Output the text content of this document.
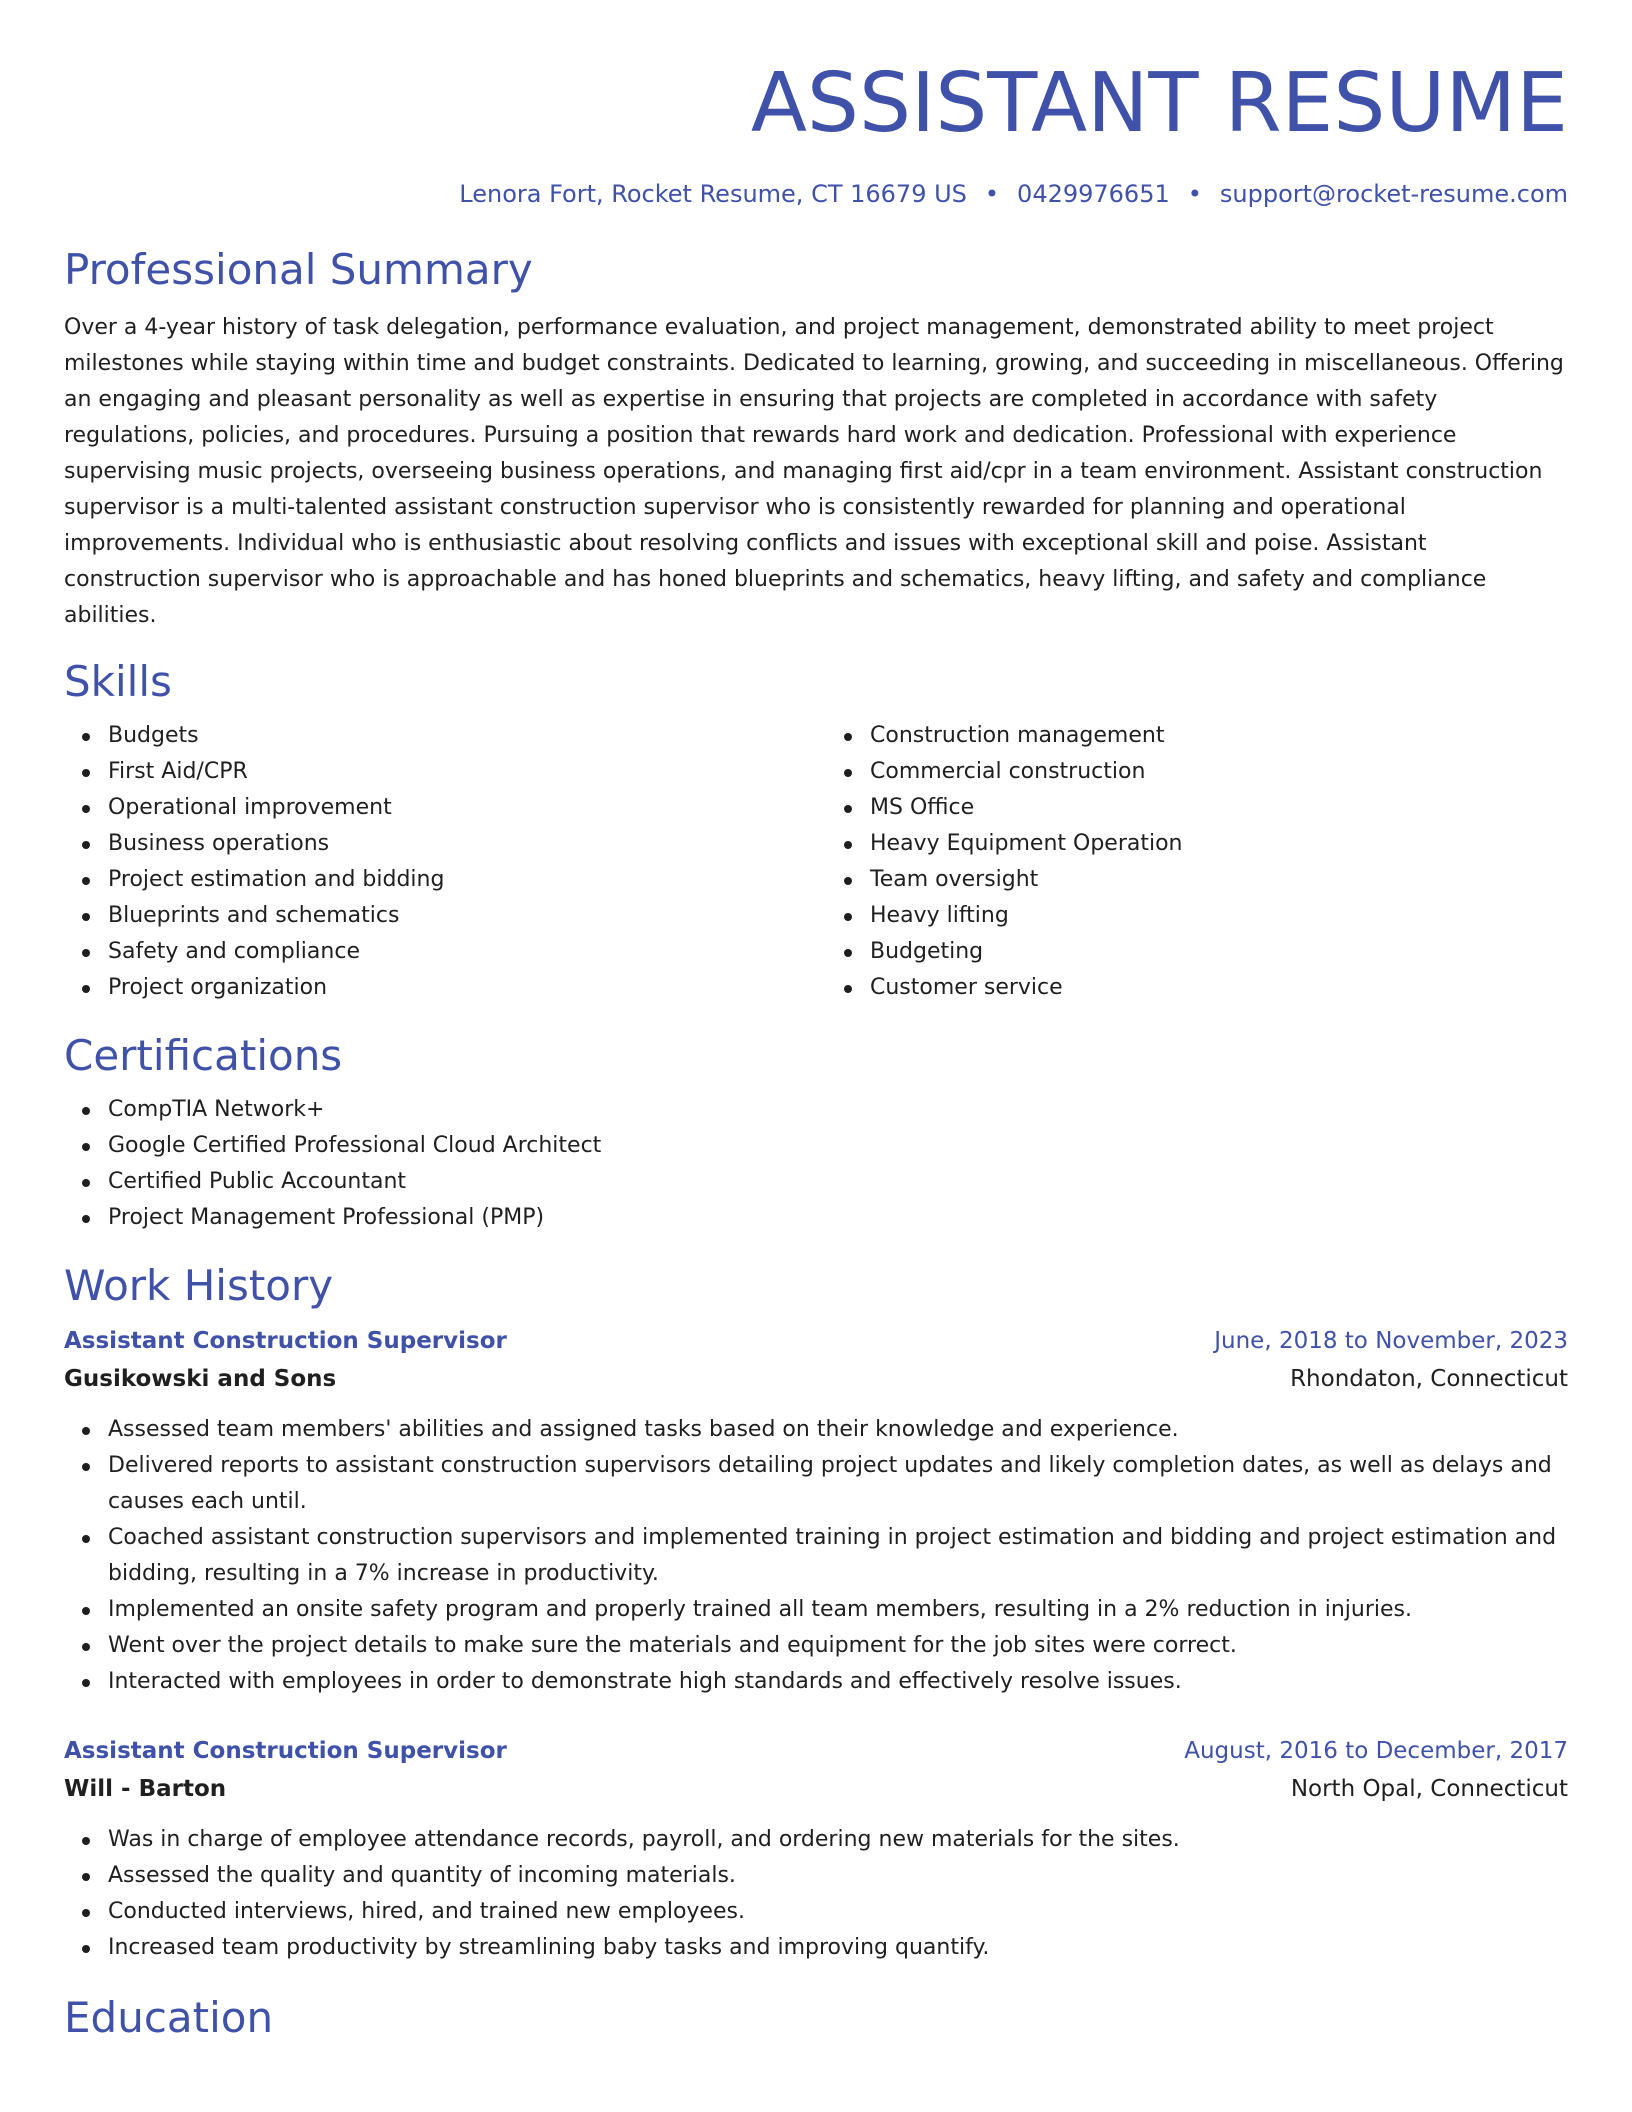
ASSISTANT RESUME
Lenora Fort, Rocket Resume, CT 16679 US • 0429976651 • support@rocket-resume.com
Professional Summary

Over a 4-year history of task delegation, performance evaluation, and project management, demonstrated ability to meet project milestones while staying within time and budget constraints. Dedicated to learning, growing, and succeeding in miscellaneous. Offering an engaging and pleasant personality as well as expertise in ensuring that projects are completed in accordance with safety regulations, policies, and procedures. Pursuing a position that rewards hard work and dedication. Professional with experience supervising music projects, overseeing business operations, and managing first aid/cpr in a team environment. Assistant construction supervisor is a multi-talented assistant construction supervisor who is consistently rewarded for planning and operational improvements. Individual who is enthusiastic about resolving conflicts and issues with exceptional skill and poise. Assistant construction supervisor who is approachable and has honed blueprints and schematics, heavy lifting, and safety and compliance abilities.

Skills
Budgets
First Aid/CPR
Operational improvement
Business operations
Project estimation and bidding
Blueprints and schematics
Safety and compliance
Project organization
Construction management
Commercial construction
MS Office
Heavy Equipment Operation
Team oversight
Heavy lifting
Budgeting
Customer service
Certifications
CompTIA Network+
Google Certified Professional Cloud Architect
Certified Public Accountant
Project Management Professional (PMP)
Work History
Assistant Construction Supervisor	June, 2018 to November, 2023
Gusikowski and Sons	Rhondaton, Connecticut
Assessed team members' abilities and assigned tasks based on their knowledge and experience.
Delivered reports to assistant construction supervisors detailing project updates and likely completion dates, as well as delays and causes each until.
Coached assistant construction supervisors and implemented training in project estimation and bidding and project estimation and bidding, resulting in a 7% increase in productivity.
Implemented an onsite safety program and properly trained all team members, resulting in a 2% reduction in injuries.
Went over the project details to make sure the materials and equipment for the job sites were correct.
Interacted with employees in order to demonstrate high standards and effectively resolve issues.
Assistant Construction Supervisor	August, 2016 to December, 2017
Will - Barton	North Opal, Connecticut
Was in charge of employee attendance records, payroll, and ordering new materials for the sites.
Assessed the quality and quantity of incoming materials.
Conducted interviews, hired, and trained new employees.
Increased team productivity by streamlining baby tasks and improving quantify.
Education
